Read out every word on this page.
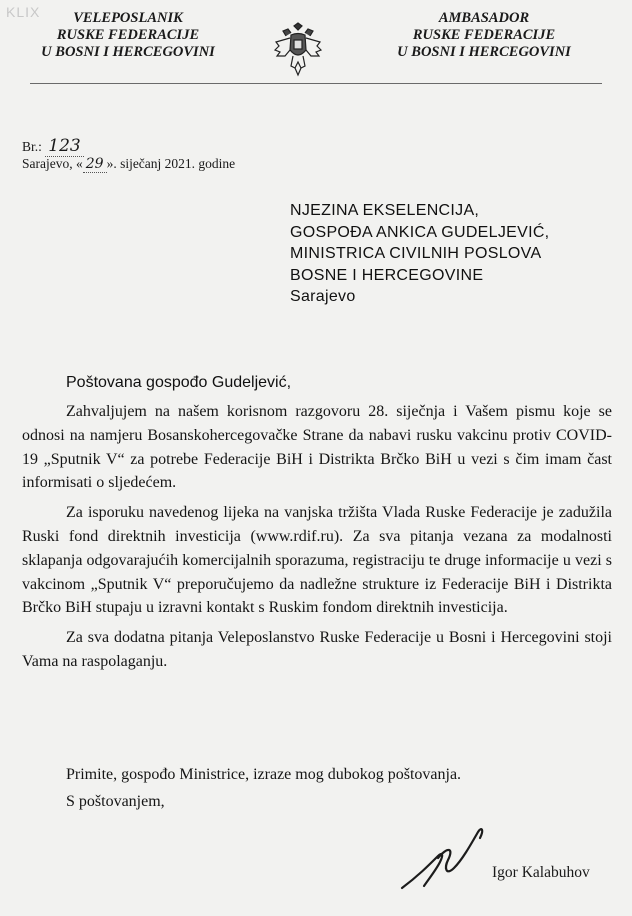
KLIX	VELEPOSLANIK
RUSKE FEDERACIJE
U BOSNI I HERCEGOVINI
AMBASADOR
RUSKE FEDERACIJE
U BOSNI I HERCEGOVINI
Br.: 123
Sarajevo, « 29 ». siječanj 2021. godine
NJEZINA EKSELENCIJA,
GOSPOĐA ANKICA GUDELJEVIĆ,
MINISTRICA CIVILNIH POSLOVA
BOSNE I HERCEGOVINE
Sarajevo
Poštovana gospođo Gudeljević,

Zahvaljujem na našem korisnom razgovoru 28. siječnja i Vašem pismu koje se odnosi na namjeru Bosanskohercegovačke Strane da nabavi rusku vakcinu protiv COVID-19 „Sputnik V“ za potrebe Federacije BiH i Distrikta Brčko BiH u vezi s čim imam čast informisati o sljedećem.

Za isporuku navedenog lijeka na vanjska tržišta Vlada Ruske Federacije je zadužila Ruski fond direktnih investicija (www.rdif.ru). Za sva pitanja vezana za modalnosti sklapanja odgovarajućih komercijalnih sporazuma, registraciju te druge informacije u vezi s vakcinom „Sputnik V“ preporučujemo da nadležne strukture iz Federacije BiH i Distrikta Brčko BiH stupaju u izravni kontakt s Ruskim fondom direktnih investicija.

Za sva dodatna pitanja Veleposlanstvo Ruske Federacije u Bosni i Hercegovini stoji Vama na raspolaganju.

Primite, gospođo Ministrice, izraze mog dubokog poštovanja.
S poštovanjem,
Igor Kalabuhov
